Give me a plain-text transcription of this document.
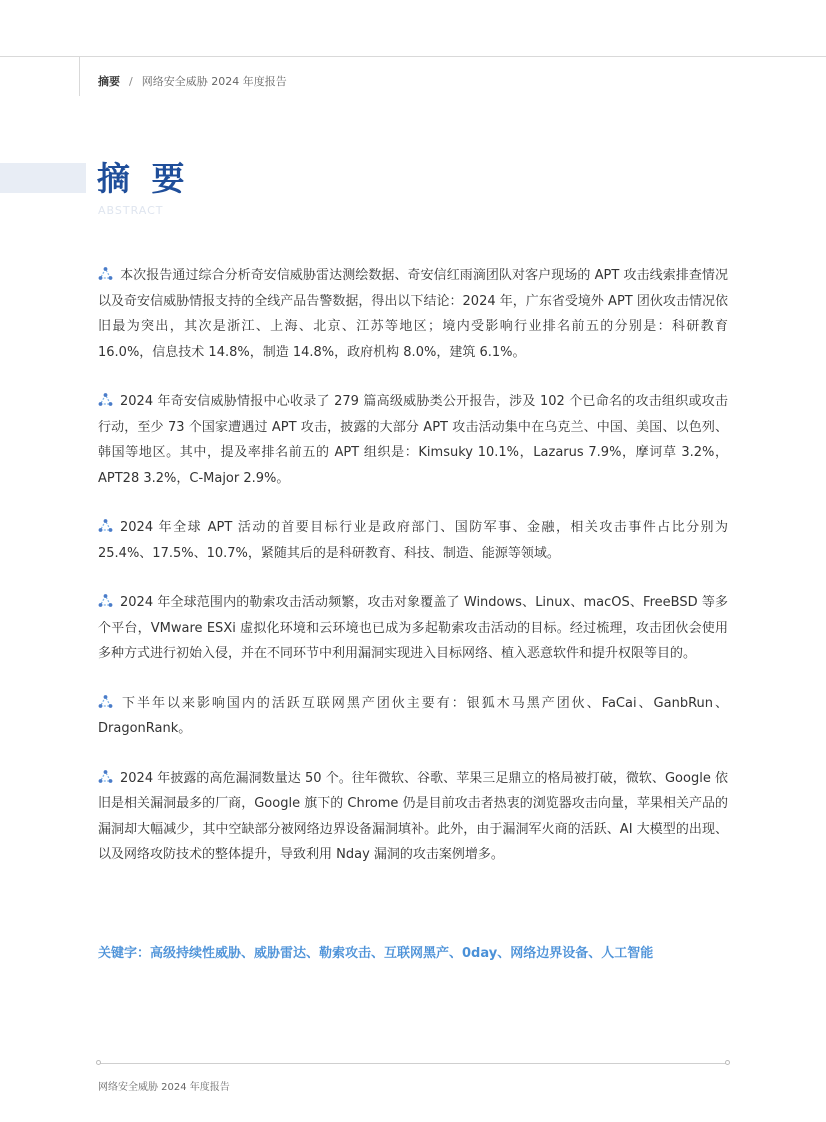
摘要 / 网络安全威胁 2024 年度报告
摘 要
ABSTRACT

本次报告通过综合分析奇安信威胁雷达测绘数据、奇安信红雨滴团队对客户现场的 APT 攻击线索排查情况以及奇安信威胁情报支持的全线产品告警数据，得出以下结论：2024 年，广东省受境外 APT 团伙攻击情况依旧最为突出，其次是浙江、上海、北京、江苏等地区；境内受影响行业排名前五的分别是：科研教育 16.0%，信息技术 14.8%，制造 14.8%，政府机构 8.0%，建筑 6.1%。

2024 年奇安信威胁情报中心收录了 279 篇高级威胁类公开报告，涉及 102 个已命名的攻击组织或攻击行动，至少 73 个国家遭遇过 APT 攻击，披露的大部分 APT 攻击活动集中在乌克兰、中国、美国、以色列、韩国等地区。其中，提及率排名前五的 APT 组织是：Kimsuky 10.1%，Lazarus 7.9%，摩诃草 3.2%，APT28 3.2%，C-Major 2.9%。

2024 年全球 APT 活动的首要目标行业是政府部门、国防军事、金融，相关攻击事件占比分别为 25.4%、17.5%、10.7%，紧随其后的是科研教育、科技、制造、能源等领域。

2024 年全球范围内的勒索攻击活动频繁，攻击对象覆盖了 Windows、Linux、macOS、FreeBSD 等多个平台，VMware ESXi 虚拟化环境和云环境也已成为多起勒索攻击活动的目标。经过梳理，攻击团伙会使用多种方式进行初始入侵，并在不同环节中利用漏洞实现进入目标网络、植入恶意软件和提升权限等目的。

下半年以来影响国内的活跃互联网黑产团伙主要有：银狐木马黑产团伙、FaCai、GanbRun、DragonRank。

2024 年披露的高危漏洞数量达 50 个。往年微软、谷歌、苹果三足鼎立的格局被打破，微软、Google 依旧是相关漏洞最多的厂商，Google 旗下的 Chrome 仍是目前攻击者热衷的浏览器攻击向量，苹果相关产品的漏洞却大幅减少，其中空缺部分被网络边界设备漏洞填补。此外，由于漏洞军火商的活跃、AI 大模型的出现、以及网络攻防技术的整体提升，导致利用 Nday 漏洞的攻击案例增多。

关键字：高级持续性威胁、威胁雷达、勒索攻击、互联网黑产、0day、网络边界设备、人工智能
网络安全威胁 2024 年度报告
